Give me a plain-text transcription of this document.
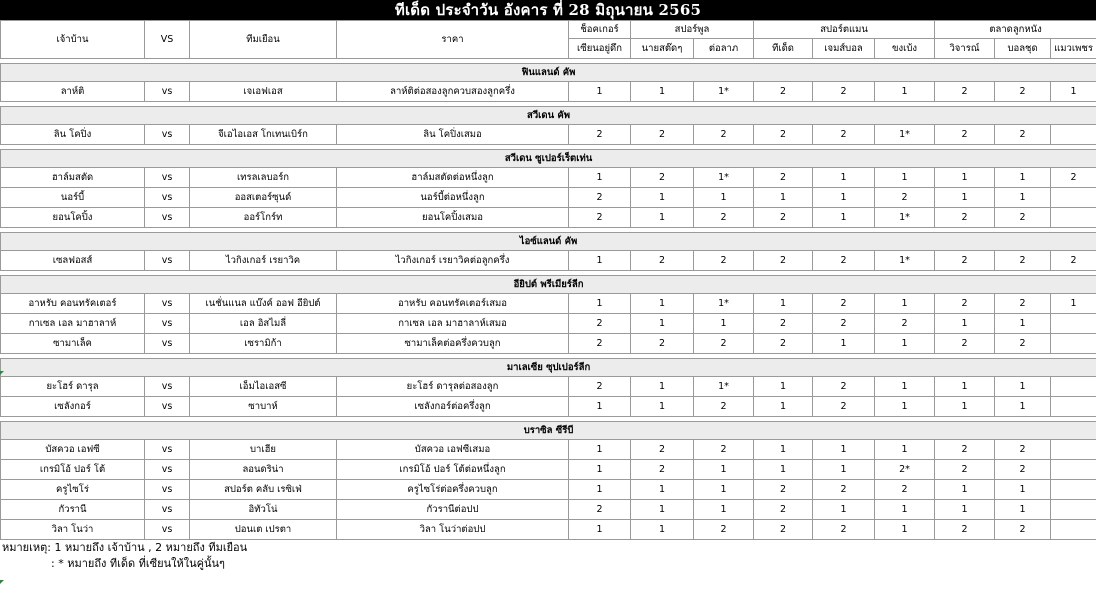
ทีเด็ด ประจำวัน อังคาร ที่ 28 มิถุนายน 2565
เจ้าบ้าน	VS	ทีมเยือน	ราคา	ช็อคเกอร์	สปอร์พูล		สปอร์ตแมน			ตลาดลูกหนัง		
				เซียนอยู่ดึก	นายสต๊ดๆ	ต่อลาภ	ทีเด็ด	เจมส์บอล	ขงเบ้ง	วิจารณ์	บอลชุด	แมวเพชร

ฟินแลนด์ คัพ												
ลาห์ติ	vs	เจเอฟเอส	ลาห์ติต่อสองลูกควบสองลูกครึ่ง	1	1	1*	2	2	1	2	2	1

สวีเดน คัพ												
ลิน โคปิ่ง	vs	จีเอไอเอส โกเทนเบิร์ก	ลิน โคปิ่งเสมอ	2	2	2	2	2	1*	2	2	

สวีเดน ซูเปอร์เร็ตเท่น												
ฮาล์มสตัด	vs	เทรลเลบอร์ก	ฮาล์มสตัดต่อหนึ่งลูก	1	2	1*	2	1	1	1	1	2
นอร์บี้	vs	ออสเตอร์ซุนด์	นอร์บี้ต่อหนึ่งลูก	2	1	1	1	1	2	1	1	
ยอนโคปิ้ง	vs	ออร์โกร์ท	ยอนโคปิ้งเสมอ	2	1	2	2	1	1*	2	2	

ไอซ์แลนด์ คัพ												
เซลฟอสส์	vs	ไวกิงเกอร์ เรยาวิค	ไวกิงเกอร์ เรยาวิคต่อลูกครึ่ง	1	2	2	2	2	1*	2	2	2

อียิปต์ พรีเมียร์ลีก												
อาหรับ คอนทรัคเตอร์	vs	เนชั่นแนล แบ๊งค์ ออฟ อียิปต์	อาหรับ คอนทรัคเตอร์เสมอ	1	1	1*	1	2	1	2	2	1
กาเซล เอล มาฮาลาห์	vs	เอล อิสไมลี่	กาเซล เอล มาฮาลาห์เสมอ	2	1	1	2	2	2	1	1	
ซามาเล็ค	vs	เซรามิก้า	ซามาเล็คต่อครึ่งควบลูก	2	2	2	2	1	1	2	2	

มาเลเซีย ซุปเปอร์ลีก												
ยะโฮร์ ดารุล	vs	เอ็มไอเอสซี	ยะโฮร์ ดารุลต่อสองลูก	2	1	1*	1	2	1	1	1	
เซลังกอร์	vs	ซาบาห์	เซลังกอร์ต่อครึ่งลูก	1	1	2	1	2	1	1	1	

บราซิล ซีรีบี												
บัสควอ เอฟซี	vs	บาเฮีย	บัสควอ เอฟซีเสมอ	1	2	2	1	1	1	2	2	
เกรมิโอ้ ปอร์ โต้	vs	ลอนดริน่า	เกรมิโอ้ ปอร์ โต้ต่อหนึ่งลูก	1	2	1	1	1	2*	2	2	
ครูไซโร่	vs	สปอร์ต คลับ เรซิเฟ่	ครูไซโร่ต่อครึ่งควบลูก	1	1	1	2	2	2	1	1	
กัวรานี	vs	อิทัวโน่	กัวรานีต่อปป	2	1	1	2	1	1	1	1	
วิลา โนว่า	vs	ปอนเต เปรตา	วิลา โนว่าต่อปป	1	1	2	2	2	1	2	2	
หมายเหตุ: 1 หมายถึง เจ้าบ้าน , 2 หมายถึง ทีมเยือน
: * หมายถึง ทีเด็ด ที่เซียนให้ในคู่นั้นๆ
